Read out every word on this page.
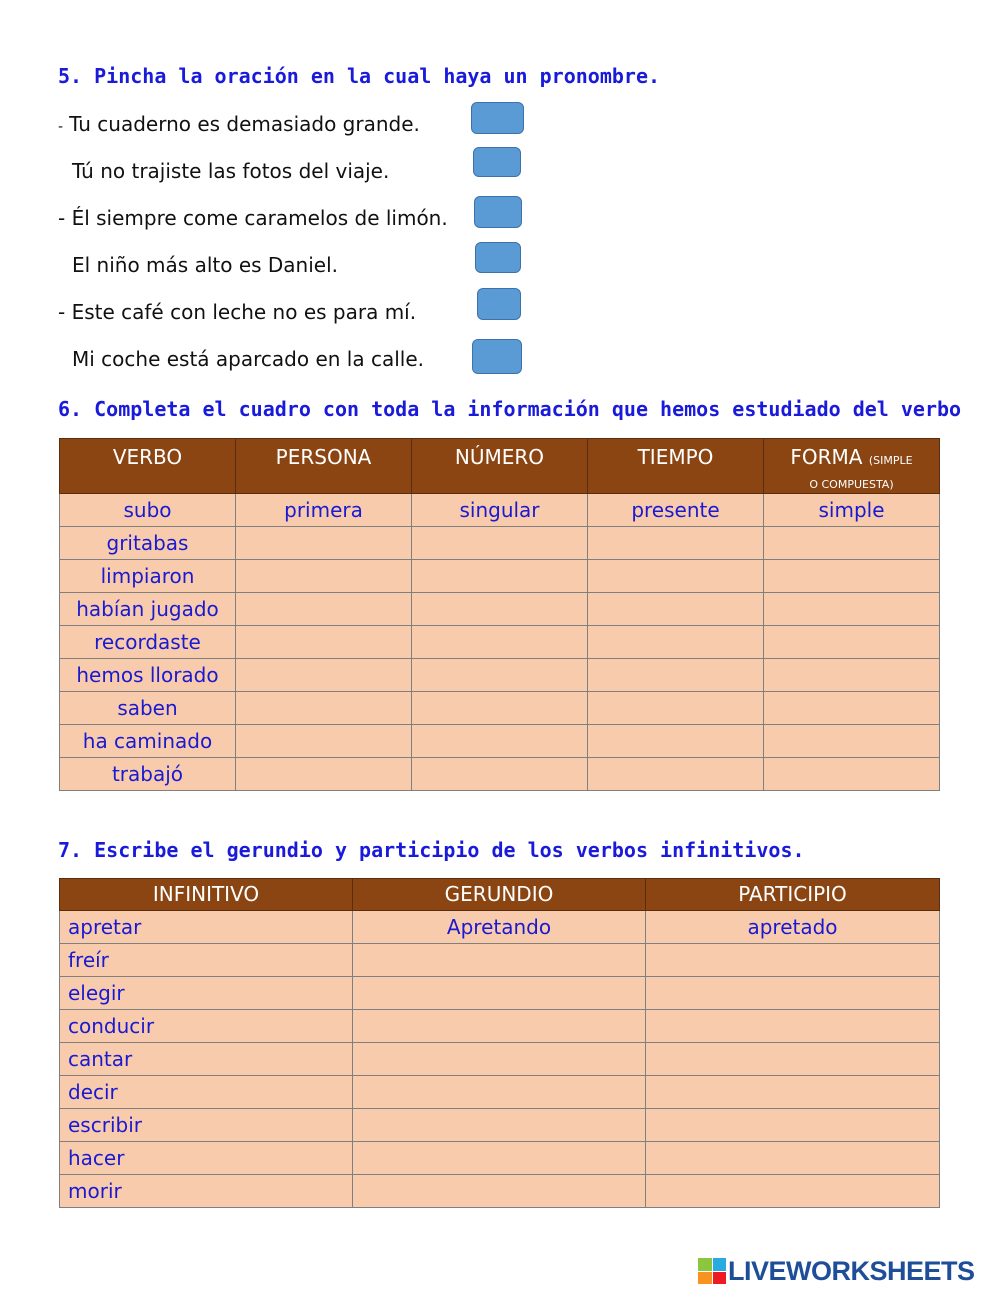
5. Pincha la oración en la cual haya un pronombre.
- Tu cuaderno es demasiado grande.
Tú no trajiste las fotos del viaje.
- Él siempre come caramelos de limón.
El niño más alto es Daniel.
- Este café con leche no es para mí.
Mi coche está aparcado en la calle.
6. Completa el cuadro con toda la información que hemos estudiado del verbo
VERBO	PERSONA	NÚMERO	TIEMPO	FORMA (SIMPLE
O COMPUESTA)
subo	primera	singular	presente	simple
gritabas				
limpiaron				
habían jugado				
recordaste				
hemos llorado				
saben				
ha caminado				
trabajó				
7. Escribe el gerundio y participio de los verbos infinitivos.
INFINITIVO	GERUNDIO	PARTICIPIO
apretar	Apretando	apretado
freír		
elegir		
conducir		
cantar		
decir		
escribir		
hacer		
morir		
LIVEWORKSHEETS
